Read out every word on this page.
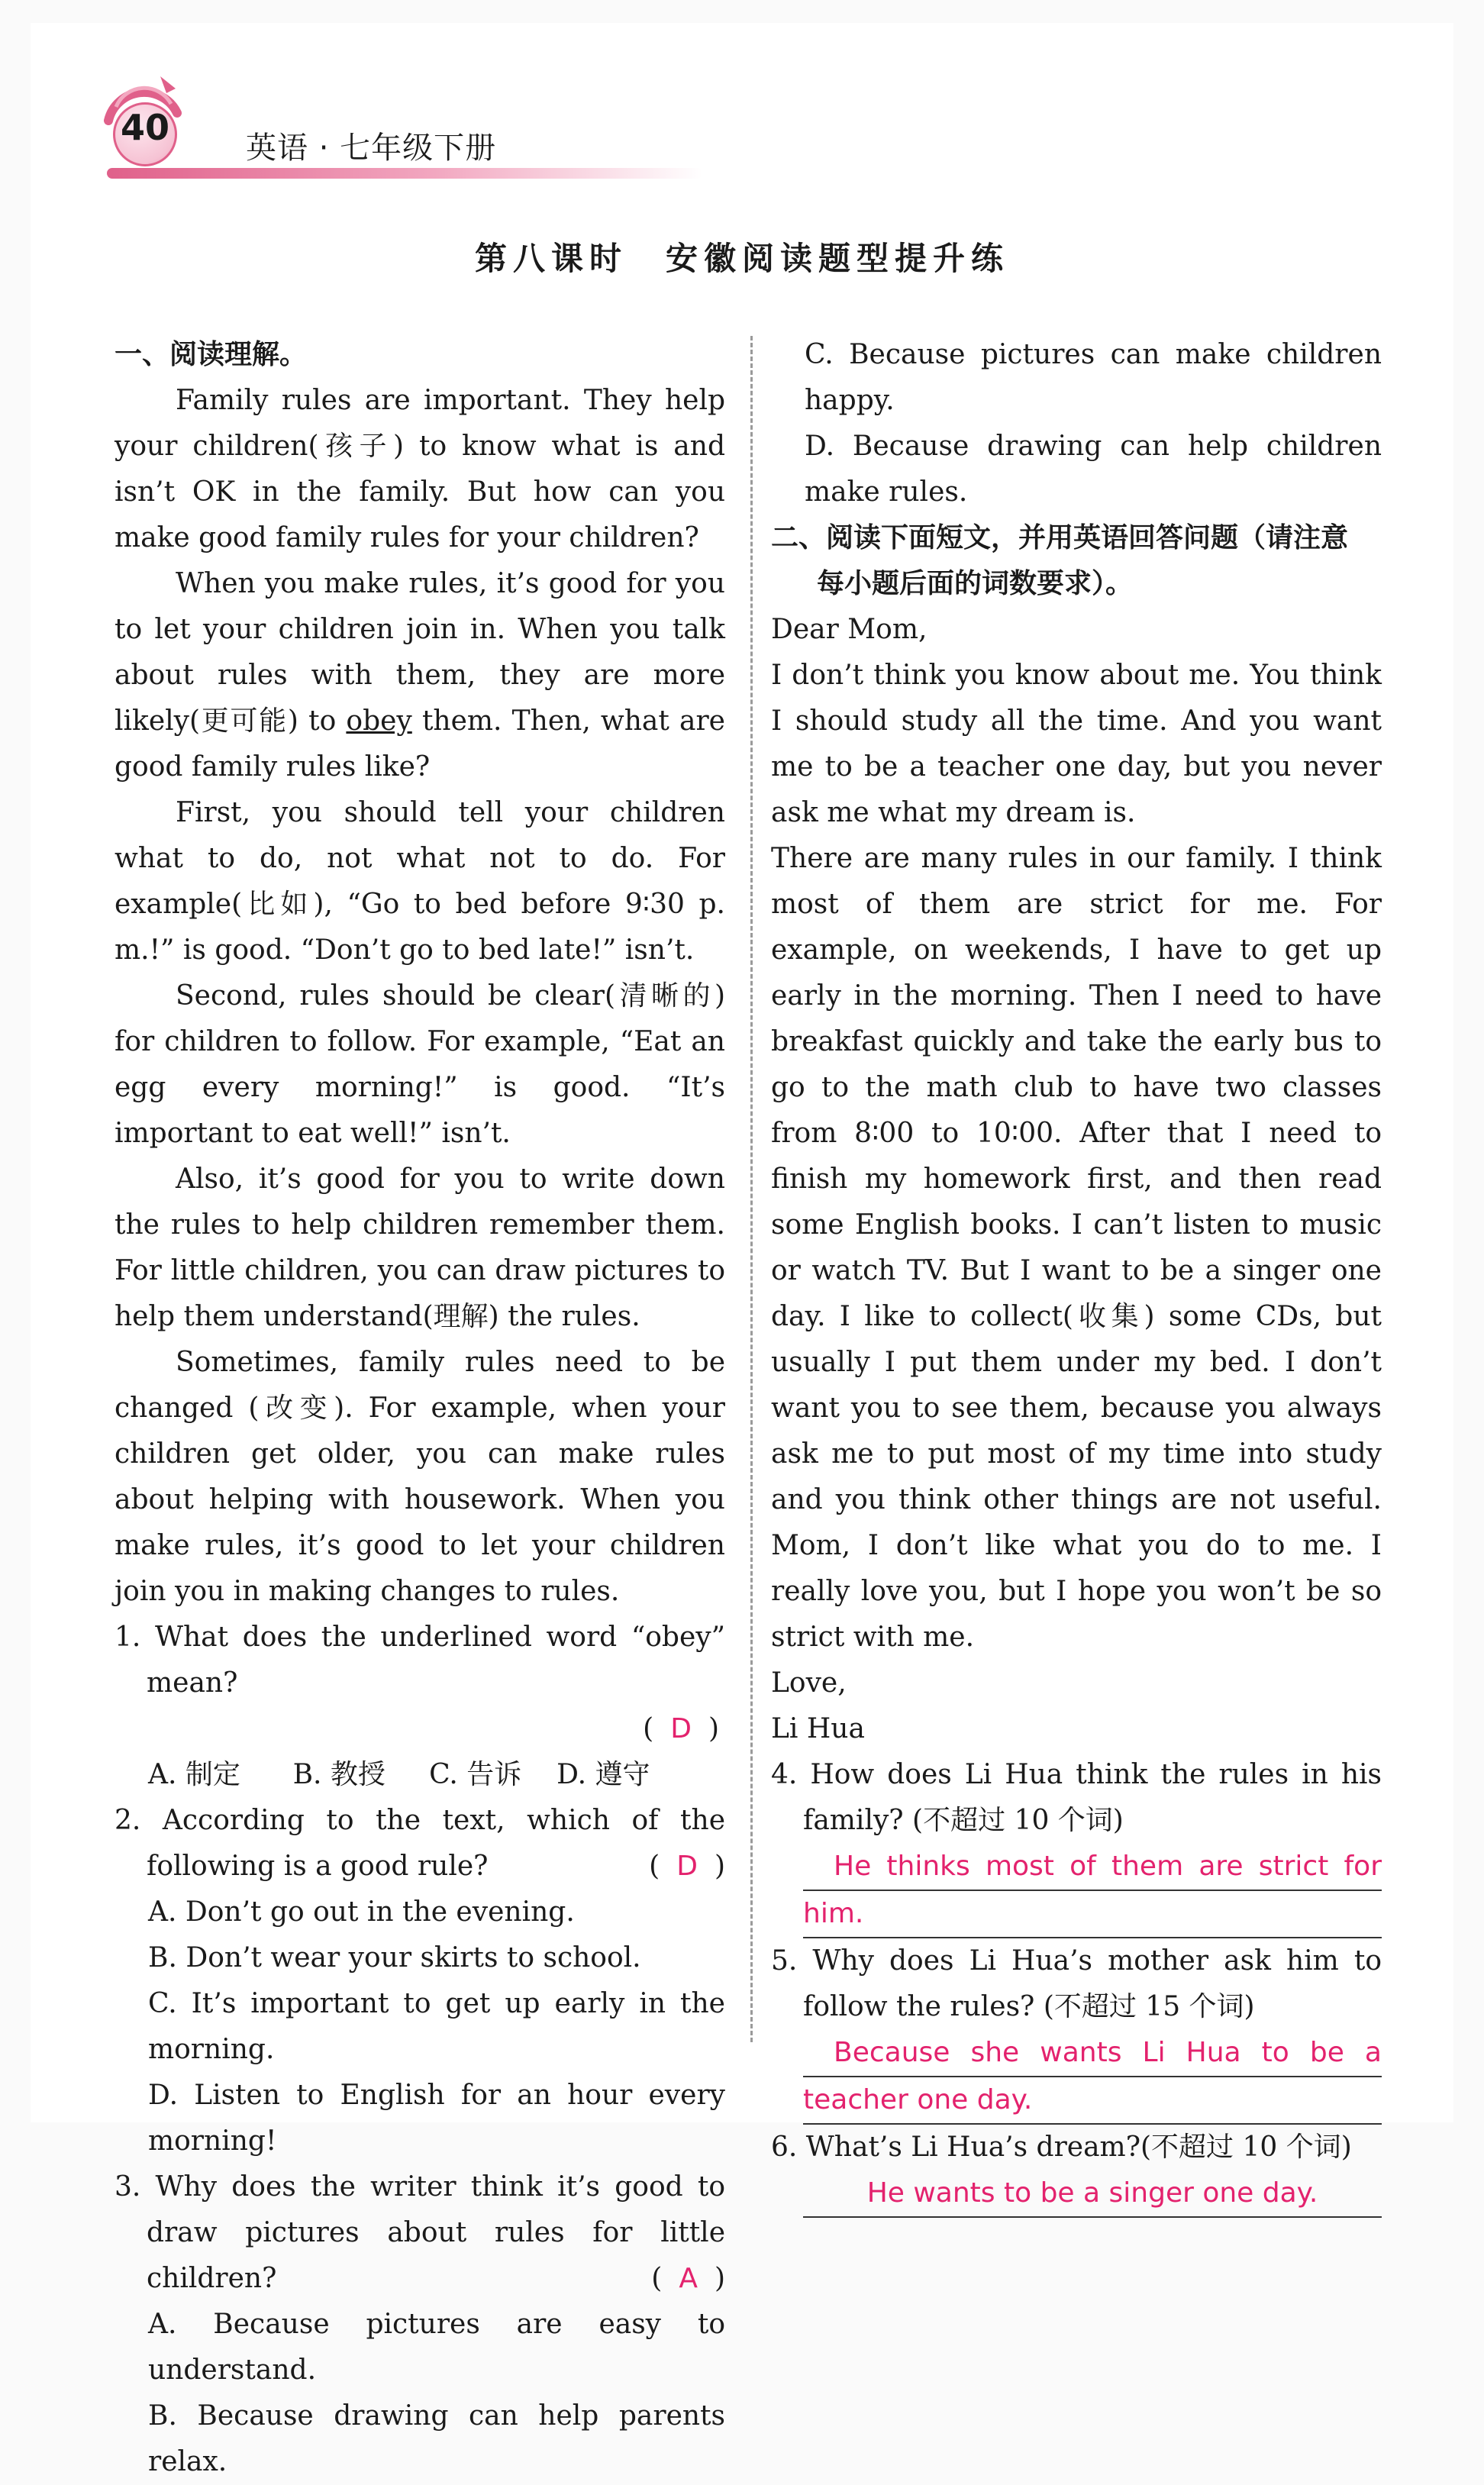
40	英语 · 七年级下册
第八课时　安徽阅读题型提升练

一、阅读理解。

Family rules are important. They help your children(孩子) to know what is and isn’t OK in the family. But how can you make good family rules for your children?

When you make rules, it’s good for you to let your children join in. When you talk about rules with them, they are more likely(更可能) to obey them. Then, what are good family rules like?

First, you should tell your children what to do, not what not to do. For example(比如), “Go to bed before 9∶30 p. m.!” is good. “Don’t go to bed late!” isn’t.

Second, rules should be clear(清晰的) for children to follow. For example, “Eat an egg every morning!” is good. “It’s important to eat well!” isn’t.

Also, it’s good for you to write down the rules to help children remember them. For little children, you can draw pictures to help them understand(理解) the rules.

Sometimes, family rules need to be changed (改变). For example, when your children get older, you can make rules about helping with housework. When you make rules, it’s good to let your children join you in making changes to rules.

1. What does the underlined word “obey” mean?

( D )

A. 制定 B. 教授 C. 告诉 D. 遵守

2. According to the text, which of the following is a good rule?	( D )

A. Don’t go out in the evening.

B. Don’t wear your skirts to school.

C. It’s important to get up early in the morning.

D. Listen to English for an hour every morning!

3. Why does the writer think it’s good to draw pictures about rules for little children?	( A )

A. Because pictures are easy to understand.

B. Because drawing can help parents relax.

C. Because pictures can make children happy.

D. Because drawing can help children make rules.

二、阅读下面短文，并用英语回答问题（请注意

每小题后面的词数要求）。

Dear Mom,

I don’t think you know about me. You think I should study all the time. And you want me to be a teacher one day, but you never ask me what my dream is.

There are many rules in our family. I think most of them are strict for me. For example, on weekends, I have to get up early in the morning. Then I need to have breakfast quickly and take the early bus to go to the math club to have two classes from 8∶00 to 10∶00. After that I need to finish my homework first, and then read some English books. I can’t listen to music or watch TV. But I want to be a singer one day. I like to collect(收集) some CDs, but usually I put them under my bed. I don’t want you to see them, because you always ask me to put most of my time into study and you think other things are not useful. Mom, I don’t like what you do to me. I really love you, but I hope you won’t be so strict with me.

Love,

Li Hua

4. How does Li Hua think the rules in his family? (不超过 10 个词)

He thinks most of them are strict for
him.

5. Why does Li Hua’s mother ask him to follow the rules? (不超过 15 个词)

Because she wants Li Hua to be a
teacher one day.

6. What’s Li Hua’s dream?(不超过 10 个词)

He wants to be a singer one day.
